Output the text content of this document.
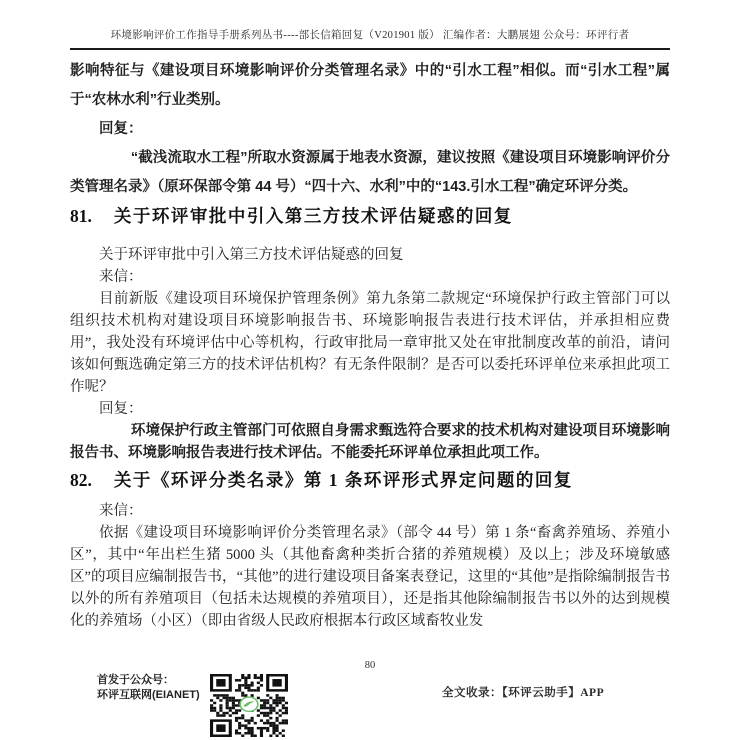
环境影响评价工作指导手册系列丛书----部长信箱回复（V201901 版） 汇编作者：大鹏展翅 公众号：环评行者

影响特征与《建设项目环境影响评价分类管理名录》中的“引水工程”相似。而“引水工程”属于“农林水利”行业类别。

回复：

“截浅流取水工程”所取水资源属于地表水资源，建议按照《建设项目环境影响评价分类管理名录》（原环保部令第 44 号）“四十六、水利”中的“143.引水工程”确定环评分类。

81. 关于环评审批中引入第三方技术评估疑惑的回复

关于环评审批中引入第三方技术评估疑惑的回复

来信：

目前新版《建设项目环境保护管理条例》第九条第二款规定“环境保护行政主管部门可以组织技术机构对建设项目环境影响报告书、环境影响报告表进行技术评估，并承担相应费用”，我处没有环境评估中心等机构，行政审批局一章审批又处在审批制度改革的前沿，请问该如何甄选确定第三方的技术评估机构？有无条件限制？是否可以委托环评单位来承担此项工作呢？

回复：

环境保护行政主管部门可依照自身需求甄选符合要求的技术机构对建设项目环境影响报告书、环境影响报告表进行技术评估。不能委托环评单位承担此项工作。

82. 关于《环评分类名录》第 1 条环评形式界定问题的回复

来信：

依据《建设项目环境影响评价分类管理名录》（部令 44 号）第 1 条“畜禽养殖场、养殖小区”，其中“年出栏生猪 5000 头（其他畜禽种类折合猪的养殖规模）及以上；涉及环境敏感区”的项目应编制报告书，“其他”的进行建设项目备案表登记，这里的“其他”是指除编制报告书以外的所有养殖项目（包括未达规模的养殖项目），还是指其他除编制报告书以外的达到规模化的养殖场（小区）（即由省级人民政府根据本行政区域畜牧业发

80
首发于公众号：
环评互联网(EIANET)	全文收录：【环评云助手】APP
